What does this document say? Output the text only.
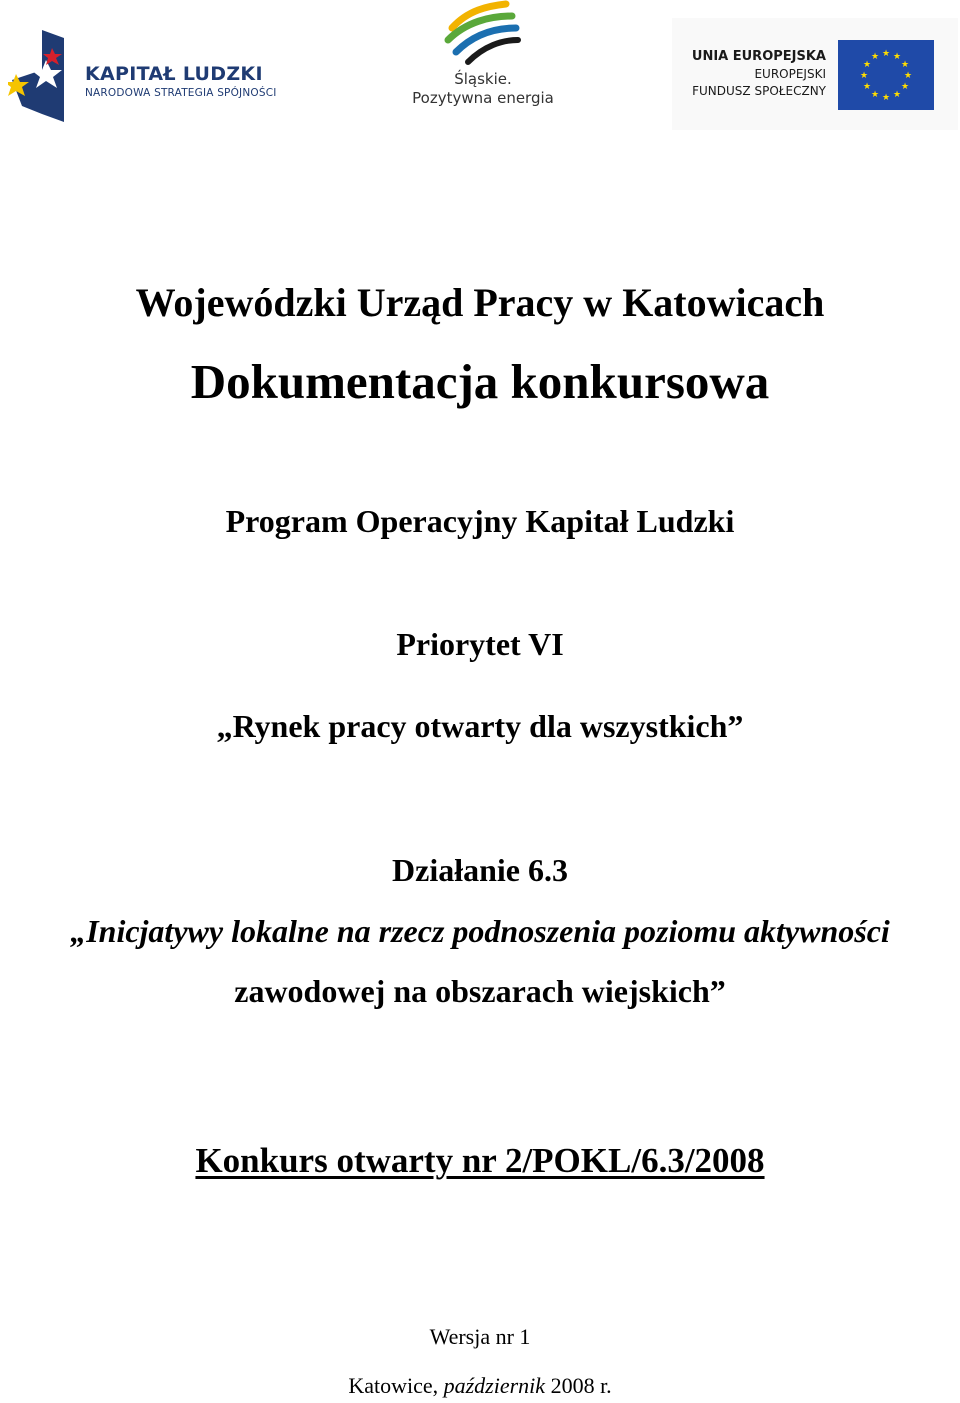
KAPITAŁ LUDZKI
NARODOWA STRATEGIA SPÓJNOŚCI
Śląskie.
Pozytywna energia
UNIA EUROPEJSKA
EUROPEJSKI
FUNDUSZ SPOŁECZNY
★ ★
★
★
★
★
★
★
★
★
★
★
Wojewódzki Urząd Pracy w Katowicach
Dokumentacja konkursowa
Program Operacyjny Kapitał Ludzki
Priorytet VI
„Rynek pracy otwarty dla wszystkich”
Działanie 6.3
„Inicjatywy lokalne na rzecz podnoszenia poziomu aktywności
zawodowej na obszarach wiejskich”
Konkurs otwarty nr 2/POKL/6.3/2008
Wersja nr 1
Katowice, październik 2008 r.
